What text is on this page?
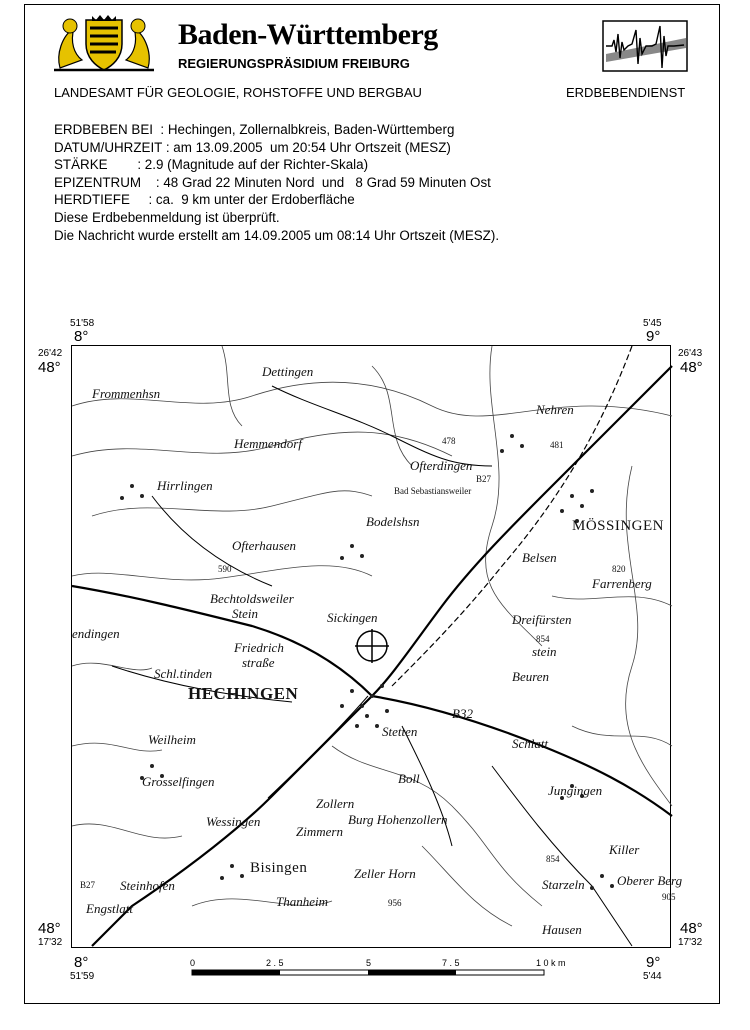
Baden-Württemberg
REGIERUNGSPRÄSIDIUM FREIBURG
LANDESAMT FÜR GEOLOGIE, ROHSTOFFE UND BERGBAU	ERDBEBENDIENST
ERDBEBEN BEI  : Hechingen, Zollernalbkreis, Baden-Württemberg
DATUM/UHRZEIT : am 13.09.2005  um 20:54 Uhr Ortszeit (MESZ)
STÄRKE        : 2.9 (Magnitude auf der Richter-Skala)
EPIZENTRUM    : 48 Grad 22 Minuten Nord  und   8 Grad 59 Minuten Ost
HERDTIEFE     : ca.  9 km unter der Erdoberfläche
Diese Erdbebenmeldung ist überprüft.
Die Nachricht wurde erstellt am 14.09.2005 um 08:14 Uhr Ortszeit (MESZ).
51'58
8°
26'42
48°
5'45
9°
26'43
48°
48°
17'32
8°
51'59
48°
17'32
9°
5'44
Dettingen
Frommenhsn
Hemmendorf
Hirrlingen
Ofterdingen
Nehren
Bodelshsn
Bad Sebastiansweiler
MÖSSINGEN
Belsen
Ofterhausen
Bechtoldsweiler
Stein	Sickingen	Dreifürsten
stein
endingen
Friedrich
straße
Schl.tinden	Beuren
HECHINGEN
Stetten
B32
Schlatt
Weilheim
Grosselfingen	Boll
Jungingen
Zollern
Burg Hohenzollern
Wessingen
Zimmern
Killer
Bisingen
Steinhofen
Engstlatt	Thanheim
Zeller Horn
Starzeln Oberer Berg
Hausen
Farrenberg
590
478	481
820
854
854
905
956
B27
B27
0	2 . 5	5	7 . 5	1 0 k m
